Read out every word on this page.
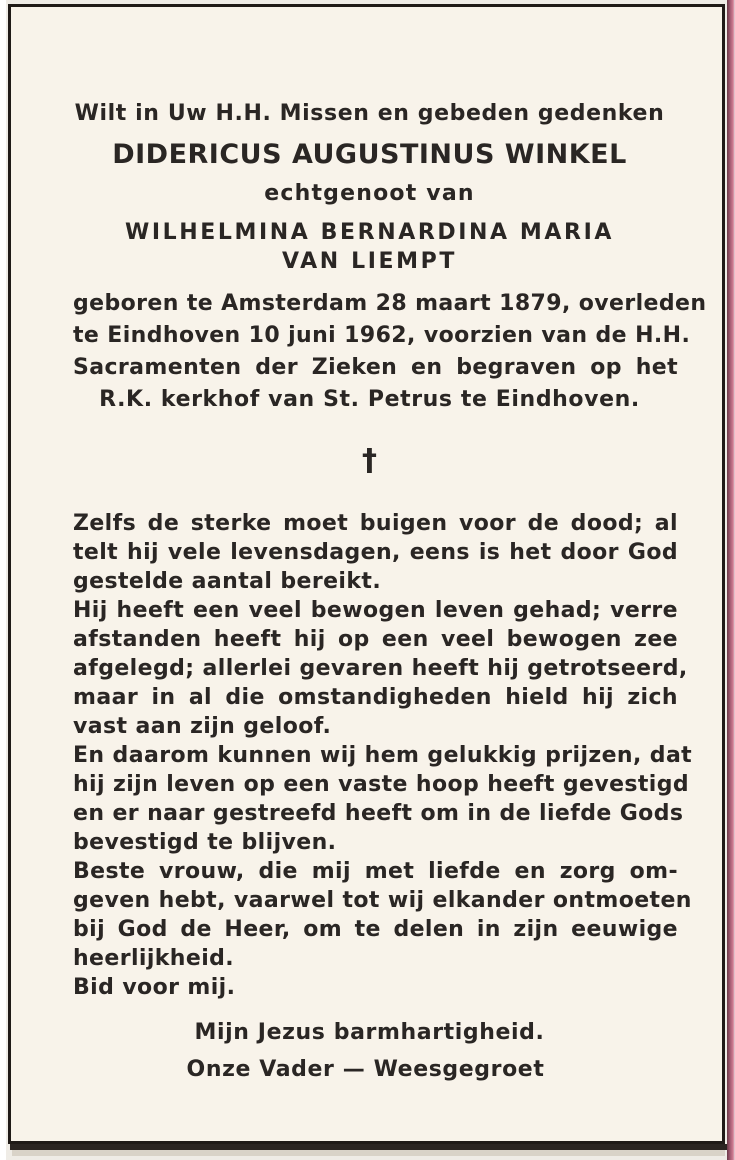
Wilt in Uw H.H. Missen en gebeden gedenken
DIDERICUS AUGUSTINUS WINKEL
echtgenoot van
WILHELMINA BERNARDINA MARIA
VAN LIEMPT
geboren te Amsterdam 28 maart 1879, overleden
te Eindhoven 10 juni 1962, voorzien van de H.H.
Sacramenten der Zieken en begraven op het
R.K. kerkhof van St. Petrus te Eindhoven.
†
Zelfs de sterke moet buigen voor de dood; al
telt hij vele levensdagen, eens is het door God
gestelde aantal bereikt.
Hij heeft een veel bewogen leven gehad; verre
afstanden heeft hij op een veel bewogen zee
afgelegd; allerlei gevaren heeft hij getrotseerd,
maar in al die omstandigheden hield hij zich
vast aan zijn geloof.
En daarom kunnen wij hem gelukkig prijzen, dat
hij zijn leven op een vaste hoop heeft gevestigd
en er naar gestreefd heeft om in de liefde Gods
bevestigd te blijven.
Beste vrouw, die mij met liefde en zorg om-
geven hebt, vaarwel tot wij elkander ontmoeten
bij God de Heer, om te delen in zijn eeuwige
heerlijkheid.
Bid voor mij.
Mijn Jezus barmhartigheid.
Onze Vader — Weesgegroet
